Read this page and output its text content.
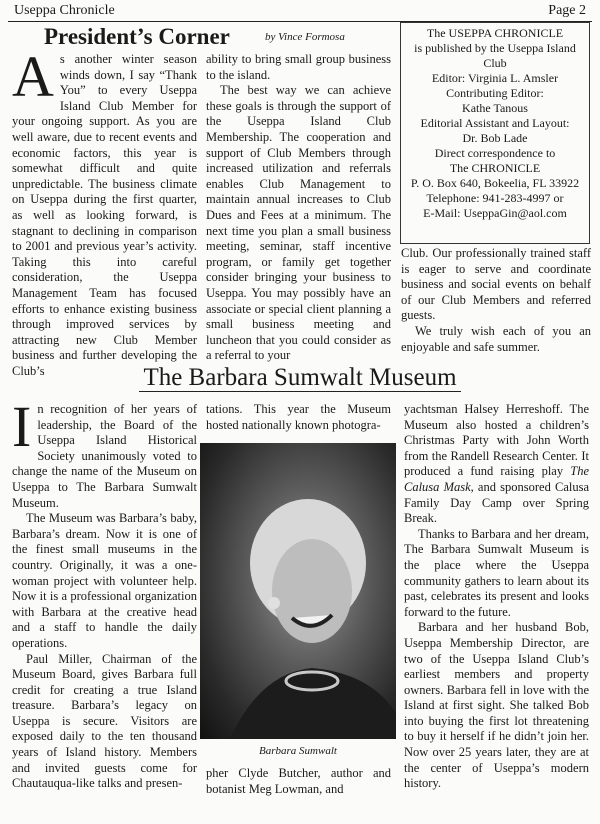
Useppa Chronicle	Page 2
President’s Corner	by Vince Formosa

As another winter season winds down, I say “Thank You” to every Useppa Island Club Member for your ongoing support. As you are well aware, due to recent events and economic factors, this year is somewhat difficult and quite unpredictable. The business climate on Useppa during the first quarter, as well as looking forward, is stagnant to declining in comparison to 2001 and previous year’s activity. Taking this into careful consideration, the Useppa Management Team has focused efforts to enhance existing business through improved services by attracting new Club Member business and further developing the Club’s

ability to bring small group business to the island.

The best way we can achieve these goals is through the support of the Useppa Island Club Membership. The cooperation and support of Club Members through increased utilization and referrals enables Club Management to maintain annual increases to Club Dues and Fees at a minimum. The next time you plan a small business meeting, seminar, staff incentive program, or family get together consider bringing your business to Useppa. You may possibly have an associate or special client planning a small business meeting and luncheon that you could consider as a referral to your

The USEPPA CHRONICLE
is published by the Useppa Island Club
Editor: Virginia L. Amsler
Contributing Editor:
Kathe Tanous
Editorial Assistant and Layout:
Dr. Bob Lade
Direct correspondence to
The CHRONICLE
P. O. Box 640, Bokeelia, FL 33922
Telephone: 941-283-4997 or
E-Mail: UseppaGin@aol.com

Club. Our professionally trained staff is eager to serve and coordinate business and social events on behalf of our Club Members and referred guests.

We truly wish each of you an enjoyable and safe summer.

The Barbara Sumwalt Museum

In recognition of her years of leadership, the Board of the Useppa Island Historical Society unanimously voted to change the name of the Museum on Useppa to The Barbara Sumwalt Museum.

The Museum was Barbara’s baby, Barbara’s dream. Now it is one of the finest small museums in the country. Originally, it was a one-woman project with volunteer help. Now it is a professional organization with Barbara at the creative head and a staff to handle the daily operations.

Paul Miller, Chairman of the Museum Board, gives Barbara full credit for creating a true Island treasure. Barbara’s legacy on Useppa is secure. Visitors are exposed daily to the ten thousand years of Island history. Members and invited guests come for Chautauqua-like talks and presen-

tations. This year the Museum hosted nationally known photogra-

Barbara Sumwalt

pher Clyde Butcher, author and botanist Meg Lowman, and

yachtsman Halsey Herreshoff. The Museum also hosted a children’s Christmas Party with John Worth from the Randell Research Center. It produced a fund raising play The Calusa Mask, and sponsored Calusa Family Day Camp over Spring Break.

Thanks to Barbara and her dream, The Barbara Sumwalt Museum is the place where the Useppa community gathers to learn about its past, celebrates its present and looks forward to the future.

Barbara and her husband Bob, Useppa Membership Director, are two of the Useppa Island Club’s earliest members and property owners. Barbara fell in love with the Island at first sight. She talked Bob into buying the first lot threatening to buy it herself if he didn’t join her. Now over 25 years later, they are at the center of Useppa’s modern history.
